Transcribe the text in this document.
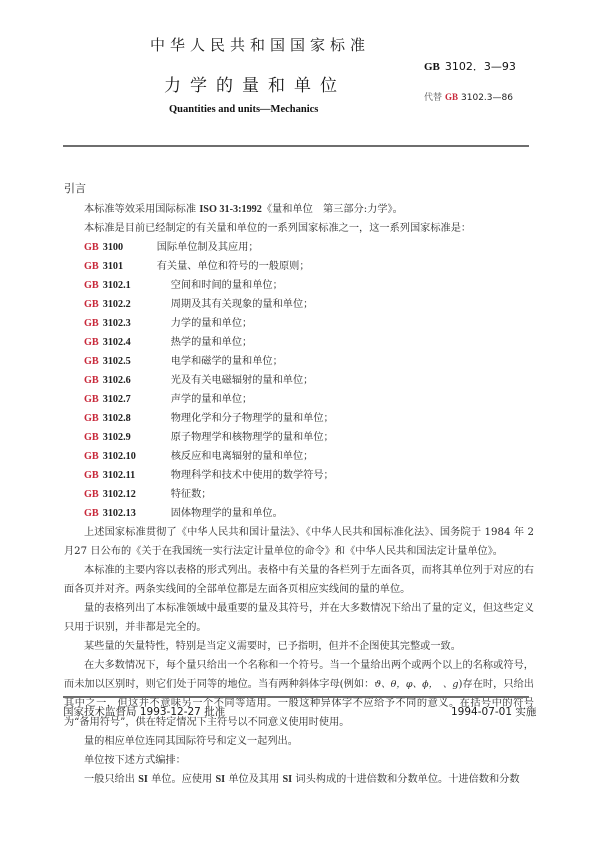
中华人民共和国国家标准
力学的量和单位
Quantities and units—Mechanics
GB 3102．3—93
代替 GB 3102.3—86
引言

本标准等效采用国际标准 ISO 31-3:1992《量和单位　第三部分:力学》。

本标准是目前已经制定的有关量和单位的一系列国家标准之一，这一系列国家标准是：

GB 3100	国际单位制及其应用；

GB 3101	有关量、单位和符号的一般原则；

GB 3102.1	空间和时间的量和单位；

GB 3102.2	周期及其有关现象的量和单位；

GB 3102.3	力学的量和单位；

GB 3102.4	热学的量和单位；

GB 3102.5	电学和磁学的量和单位；

GB 3102.6	光及有关电磁辐射的量和单位；

GB 3102.7	声学的量和单位；

GB 3102.8	物理化学和分子物理学的量和单位；

GB 3102.9	原子物理学和核物理学的量和单位；

GB 3102.10	核反应和电离辐射的量和单位；

GB 3102.11	物理科学和技术中使用的数学符号；

GB 3102.12	特征数；

GB 3102.13	固体物理学的量和单位。

上述国家标准贯彻了《中华人民共和国计量法》、《中华人民共和国标准化法》、国务院于 1984 年 2 月27 日公布的《关于在我国统一实行法定计量单位的命令》和《中华人民共和国法定计量单位》。

本标准的主要内容以表格的形式列出。表格中有关量的各栏列于左面各页，而将其单位列于对应的右面各页并对齐。两条实线间的全部单位都是左面各页相应实线间的量的单位。

量的表格列出了本标准领域中最重要的量及其符号，并在大多数情况下给出了量的定义，但这些定义只用于识别，并非都是完全的。

某些量的矢量特性，特别是当定义需要时，已予指明，但并不企图使其完整或一致。

在大多数情况下，每个量只给出一个名称和一个符号。当一个量给出两个或两个以上的名称或符号，而未加以区别时，则它们处于同等的地位。当有两种斜体字母(例如：ϑ、θ，φ、ϕ，　、g)存在时，只给出其中之一，但这并不意味另一个不同等适用。一般这种异体字不应给予不同的意义。在括号中的符号为“备用符号”，供在特定情况下主符号以不同意义使用时使用。

量的相应单位连同其国际符号和定义一起列出。

单位按下述方式编排：

一般只给出 SI 单位。应使用 SI 单位及其用 SI 词头构成的十进倍数和分数单位。十进倍数和分数

国家技术监督局 1993-12-27 批准	1994-07-01 实施
